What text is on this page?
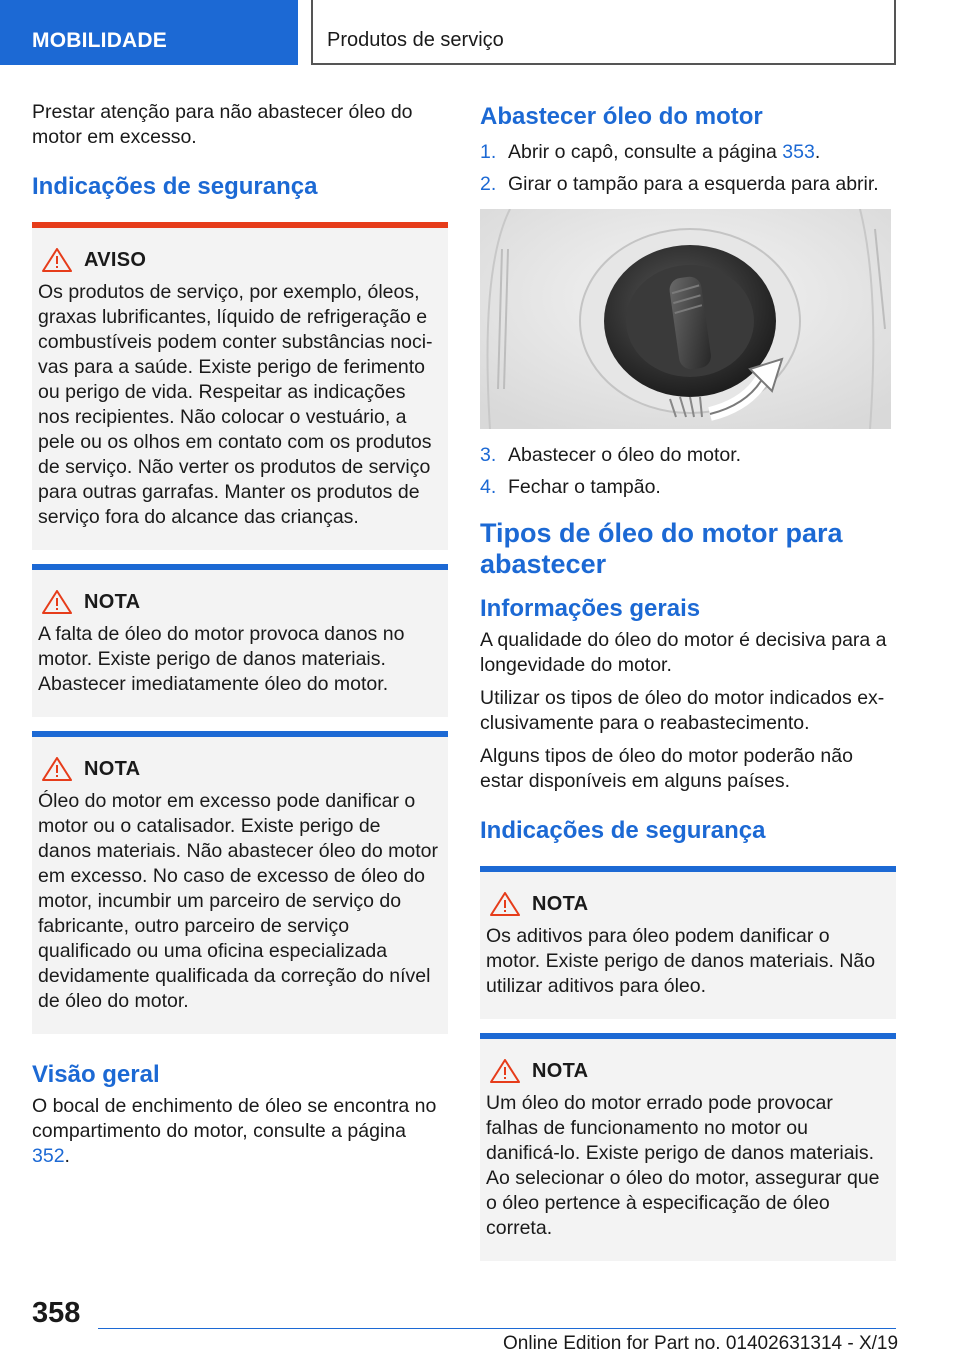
MOBILIDADE	Produtos de serviço

Prestar atenção para não abastecer óleo do motor em excesso.

Indicações de segurança
AVISO
Os produtos de serviço, por exemplo, óleos, graxas lubrificantes, líquido de refrigeração e combustíveis podem conter substâncias nocivas para a saúde. Existe perigo de ferimento ou perigo de vida. Respeitar as indicações nos recipientes. Não colocar o vestuário, a pele ou os olhos em contato com os produtos de serviço. Não verter os produtos de serviço para outras garrafas. Manter os produtos de serviço fora do alcance das crianças.
NOTA
A falta de óleo do motor provoca danos no motor. Existe perigo de danos materiais. Abastecer imediatamente óleo do motor.
NOTA
Óleo do motor em excesso pode danificar o motor ou o catalisador. Existe perigo de danos materiais. Não abastecer óleo do motor em excesso. No caso de excesso de óleo do motor, incumbir um parceiro de serviço do fabricante, outro parceiro de serviço qualificado ou uma oficina especializada devidamente qualificada da correção do nível de óleo do motor.
Visão geral

O bocal de enchimento de óleo se encontra no compartimento do motor, consulte a página 352.

Abastecer óleo do motor
1. Abrir o capô, consulte a página 353.
2. Girar o tampão para a esquerda para abrir.
3. Abastecer o óleo do motor.
4. Fechar o tampão.
Tipos de óleo do motor para abastecer
Informações gerais

A qualidade do óleo do motor é decisiva para a longevidade do motor.

Utilizar os tipos de óleo do motor indicados exclusivamente para o reabastecimento.

Alguns tipos de óleo do motor poderão não estar disponíveis em alguns países.

Indicações de segurança
NOTA
Os aditivos para óleo podem danificar o motor. Existe perigo de danos materiais. Não utilizar aditivos para óleo.
NOTA
Um óleo do motor errado pode provocar falhas de funcionamento no motor ou danificá-lo. Existe perigo de danos materiais. Ao selecionar o óleo do motor, assegurar que o óleo pertence à especificação de óleo correta.
358
Online Edition for Part no. 01402631314 - X/19
